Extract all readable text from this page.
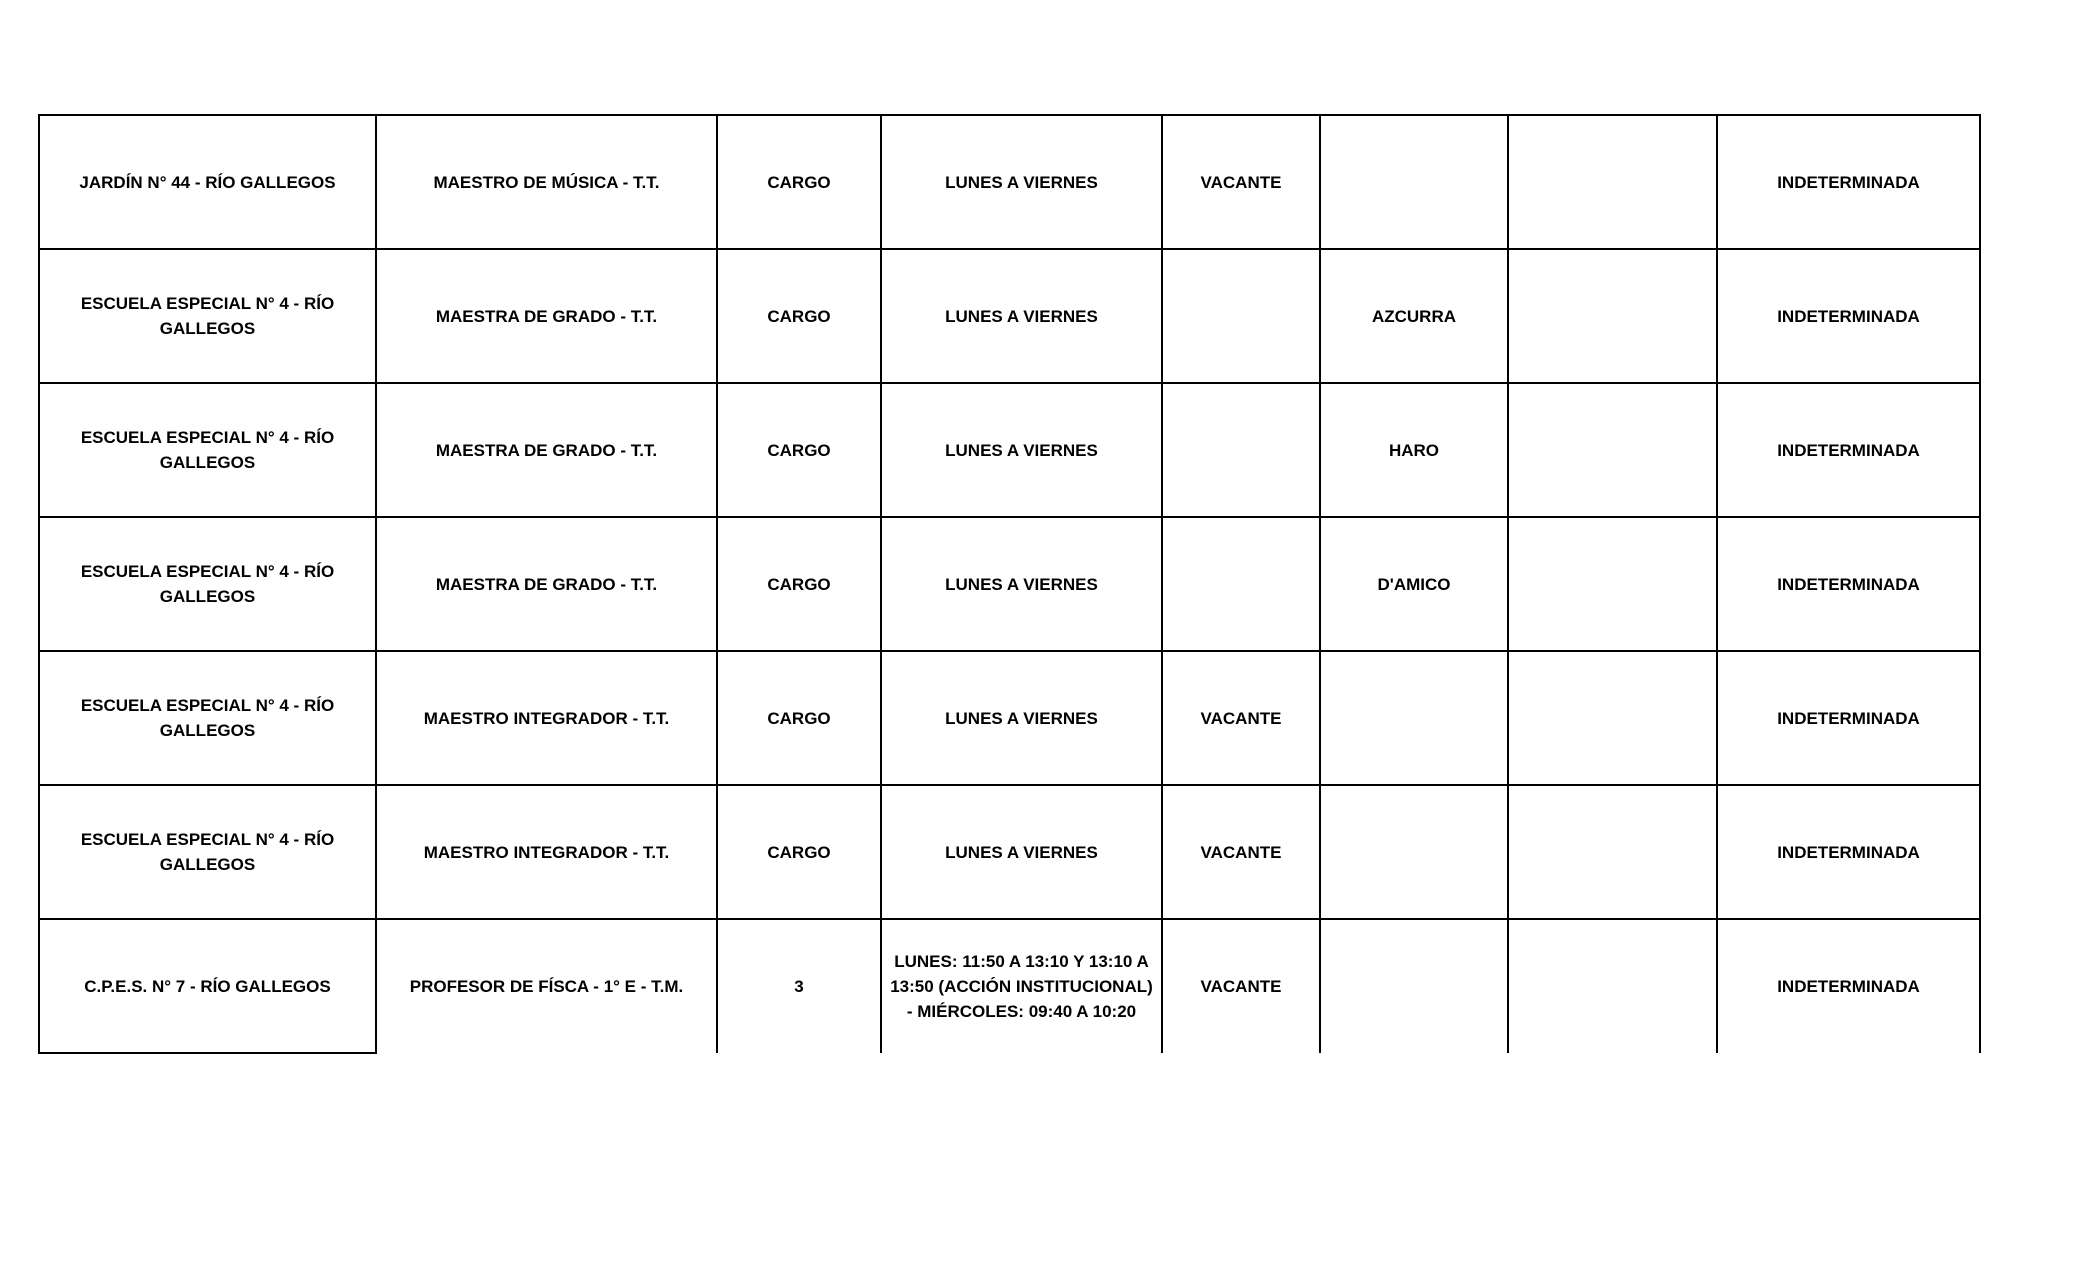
JARDÍN N° 44 - RÍO GALLEGOS	MAESTRO DE MÚSICA - T.T.	CARGO	LUNES A VIERNES	VACANTE			INDETERMINADA
ESCUELA ESPECIAL N° 4 - RÍO GALLEGOS	MAESTRA DE GRADO - T.T.	CARGO	LUNES A VIERNES		AZCURRA		INDETERMINADA
ESCUELA ESPECIAL N° 4 - RÍO GALLEGOS	MAESTRA DE GRADO - T.T.	CARGO	LUNES A VIERNES		HARO		INDETERMINADA
ESCUELA ESPECIAL N° 4 - RÍO GALLEGOS	MAESTRA DE GRADO - T.T.	CARGO	LUNES A VIERNES		D'AMICO		INDETERMINADA
ESCUELA ESPECIAL N° 4 - RÍO GALLEGOS	MAESTRO INTEGRADOR - T.T.	CARGO	LUNES A VIERNES	VACANTE			INDETERMINADA
ESCUELA ESPECIAL N° 4 - RÍO GALLEGOS	MAESTRO INTEGRADOR - T.T.	CARGO	LUNES A VIERNES	VACANTE			INDETERMINADA
C.P.E.S. N° 7 - RÍO GALLEGOS	PROFESOR DE FÍSCA - 1° E - T.M.	3	LUNES: 11:50 A 13:10 Y 13:10 A 13:50 (ACCIÓN INSTITUCIONAL) - MIÉRCOLES: 09:40 A 10:20	VACANTE			INDETERMINADA
